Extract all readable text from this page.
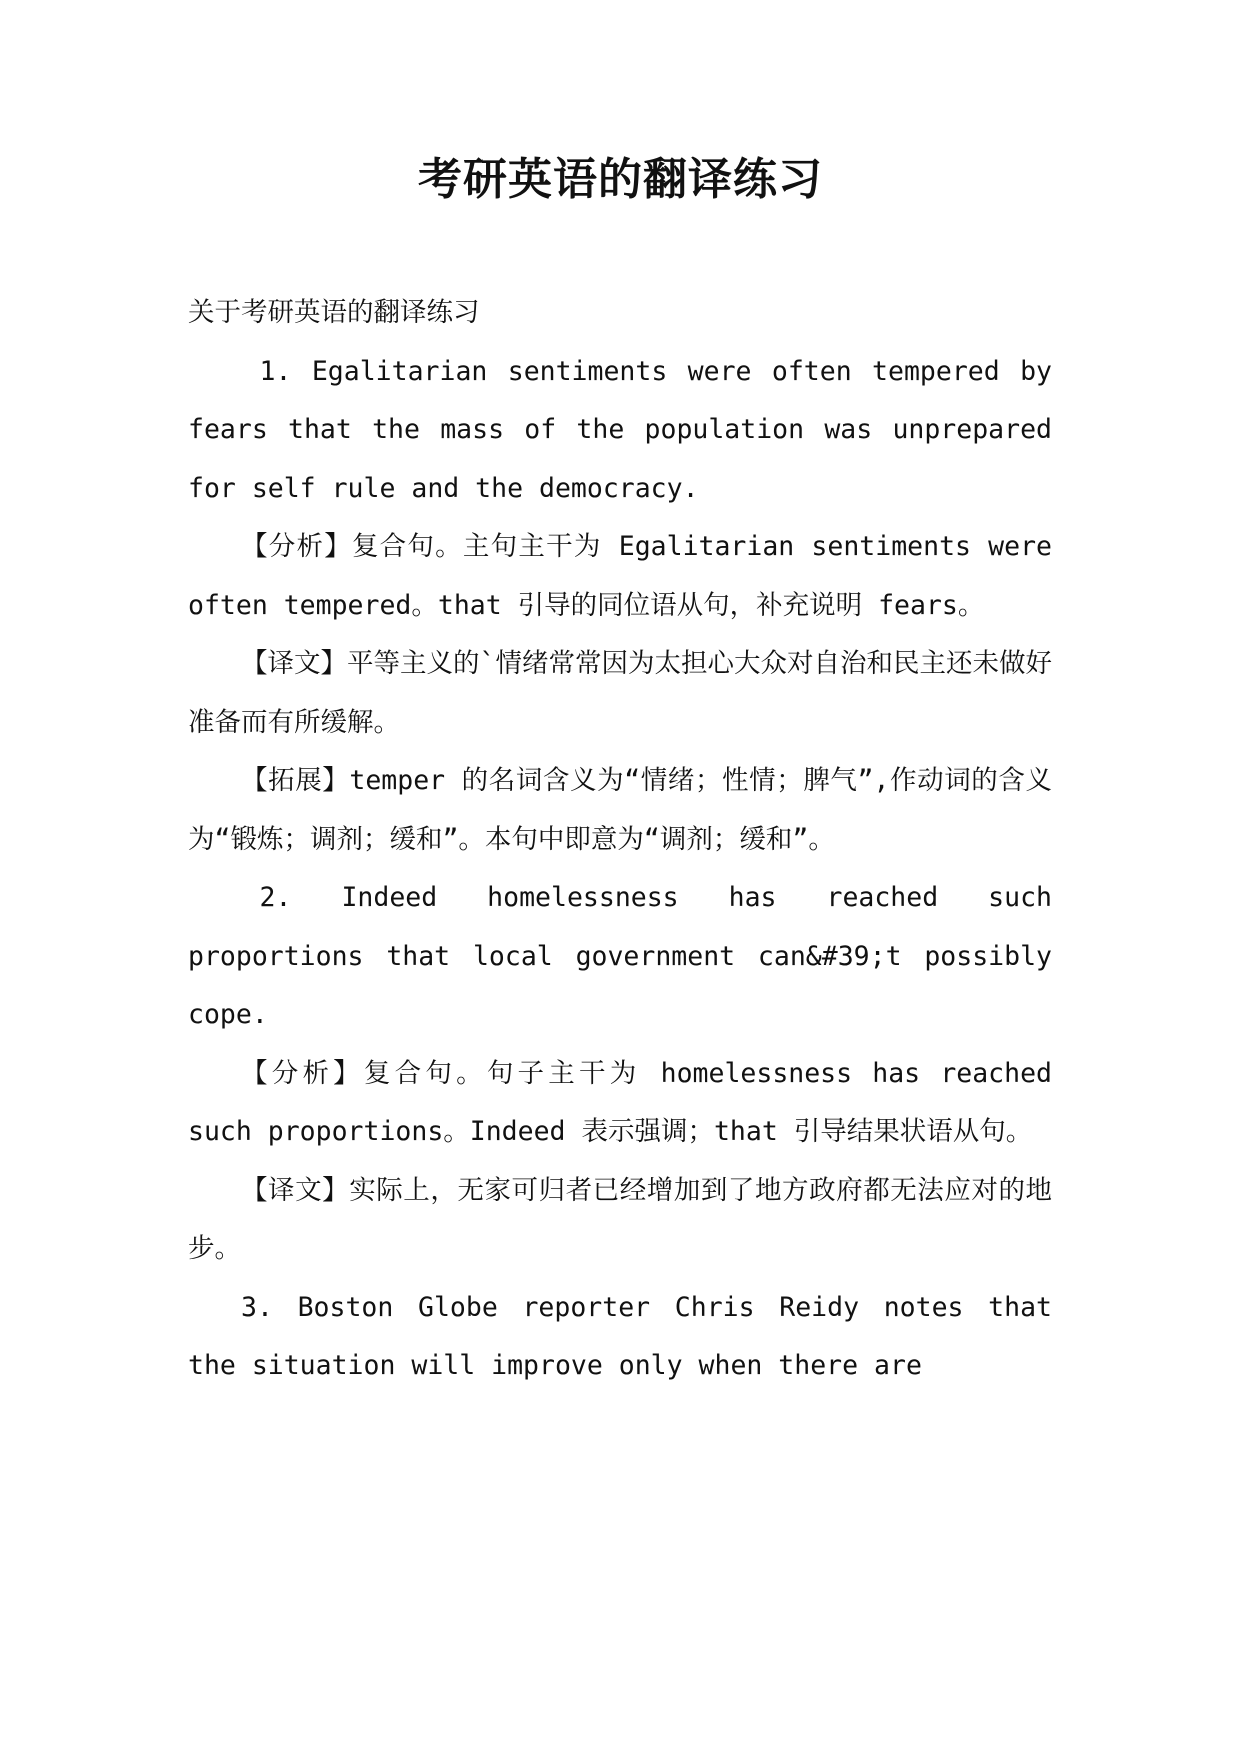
考研英语的翻译练习

关于考研英语的翻译练习

1. Egalitarian sentiments were often tempered by fears that the mass of the population was unprepared for self rule and the democracy.

【分析】复合句。主句主干为 Egalitarian sentiments were often tempered。that 引导的同位语从句，补充说明 fears。

【译文】平等主义的`情绪常常因为太担心大众对自治和民主还未做好准备而有所缓解。

【拓展】temper 的名词含义为“情绪；性情；脾气”,作动词的含义为“锻炼；调剂；缓和”。本句中即意为“调剂；缓和”。

2. Indeed homelessness has reached such proportions that local government can&#39;t possibly cope.

【分析】复合句。句子主干为 homelessness has reached such proportions。Indeed 表示强调；that 引导结果状语从句。

【译文】实际上，无家可归者已经增加到了地方政府都无法应对的地步。

3. Boston Globe reporter Chris Reidy notes that the situation will improve only when there are
